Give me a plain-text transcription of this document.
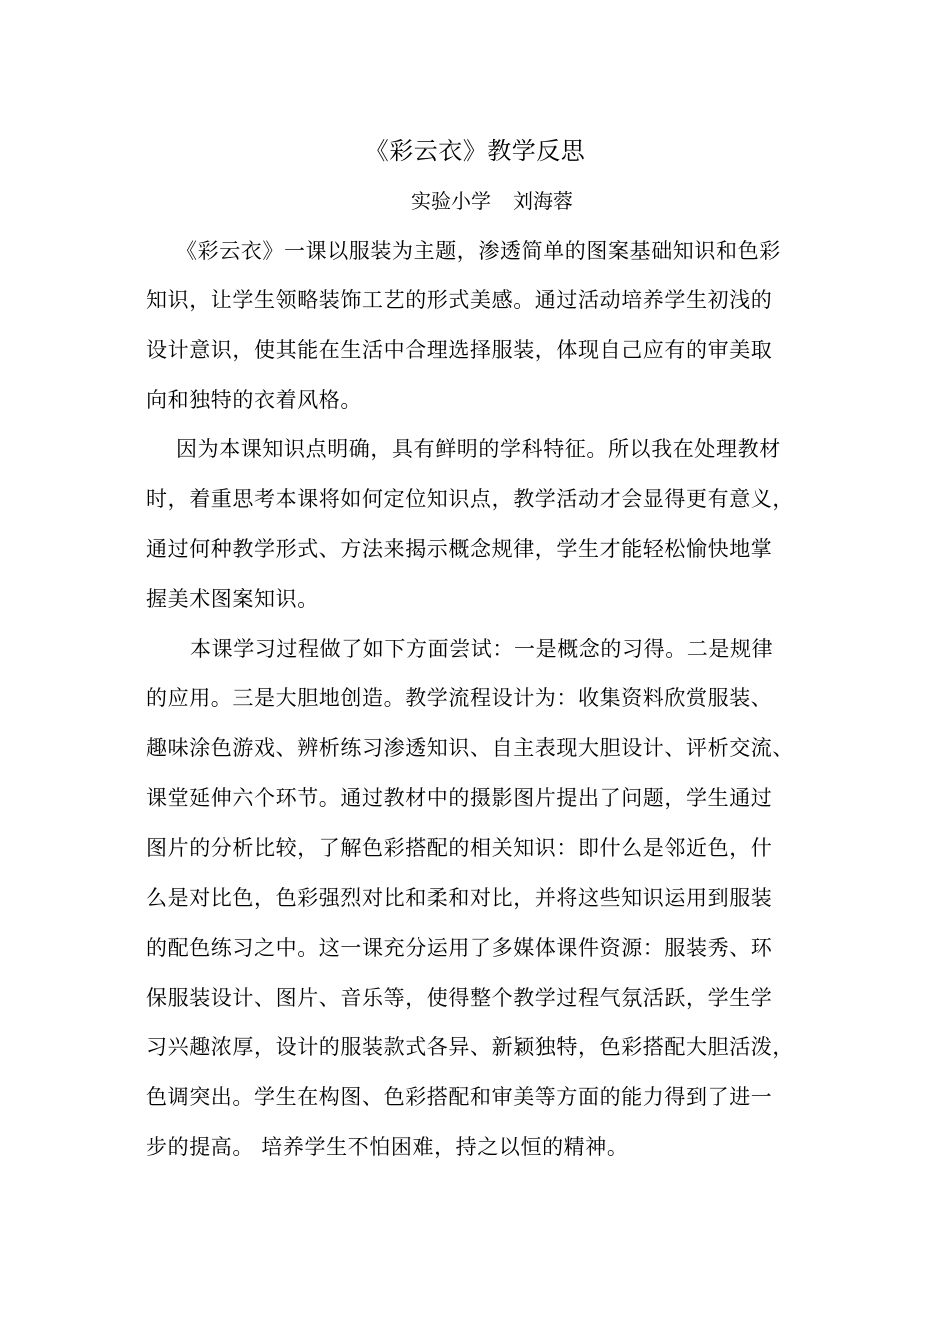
《彩云衣》教学反思
实验小学 刘海蓉
《彩云衣》一课以服装为主题，渗透简单的图案基础知识和色彩
知识，让学生领略装饰工艺的形式美感。通过活动培养学生初浅的
设计意识，使其能在生活中合理选择服装，体现自己应有的审美取
向和独特的衣着风格。
因为本课知识点明确，具有鲜明的学科特征。所以我在处理教材
时，着重思考本课将如何定位知识点，教学活动才会显得更有意义，
通过何种教学形式、方法来揭示概念规律，学生才能轻松愉快地掌
握美术图案知识。
本课学习过程做了如下方面尝试：一是概念的习得。二是规律
的应用。三是大胆地创造。教学流程设计为：收集资料欣赏服装、
趣味涂色游戏、辨析练习渗透知识、自主表现大胆设计、评析交流、
课堂延伸六个环节。通过教材中的摄影图片提出了问题，学生通过
图片的分析比较，了解色彩搭配的相关知识：即什么是邻近色，什
么是对比色，色彩强烈对比和柔和对比，并将这些知识运用到服装
的配色练习之中。这一课充分运用了多媒体课件资源：服装秀、环
保服装设计、图片、音乐等，使得整个教学过程气氛活跃，学生学
习兴趣浓厚，设计的服装款式各异、新颖独特，色彩搭配大胆活泼，
色调突出。学生在构图、色彩搭配和审美等方面的能力得到了进一
步的提高。 培养学生不怕困难，持之以恒的精神。
